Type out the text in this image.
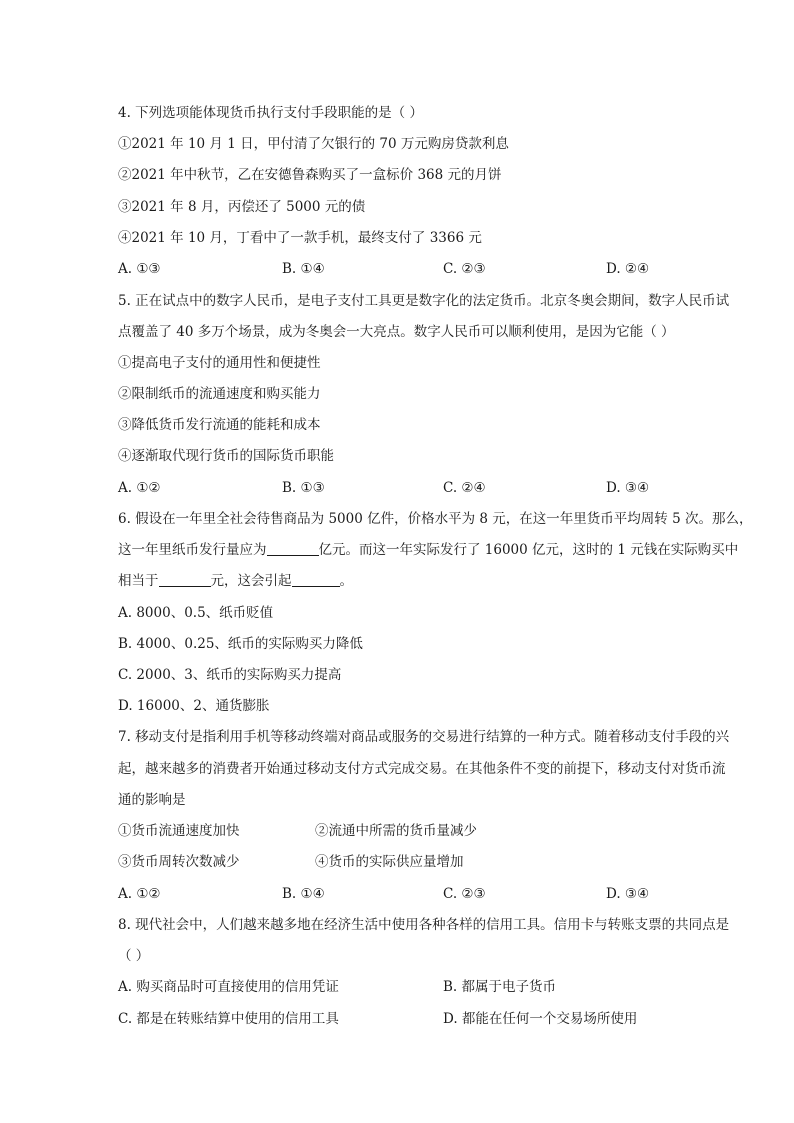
4. 下列选项能体现货币执行支付手段职能的是（ ）
①2021 年 10 月 1 日，甲付清了欠银行的 70 万元购房贷款利息
②2021 年中秋节，乙在安德鲁森购买了一盒标价 368 元的月饼
③2021 年 8 月，丙偿还了 5000 元的债
④2021 年 10 月，丁看中了一款手机，最终支付了 3366 元
A. ①③	B. ①④	C. ②③	D. ②④
5. 正在试点中的数字人民币，是电子支付工具更是数字化的法定货币。北京冬奥会期间，数字人民币试
点覆盖了 40 多万个场景，成为冬奥会一大亮点。数字人民币可以顺利使用，是因为它能（ ）
①提高电子支付的通用性和便捷性
②限制纸币的流通速度和购买能力
③降低货币发行流通的能耗和成本
④逐渐取代现行货币的国际货币职能
A. ①②	B. ①③	C. ②④	D. ③④
6. 假设在一年里全社会待售商品为 5000 亿件，价格水平为 8 元，在这一年里货币平均周转 5 次。那么，
这一年里纸币发行量应为	亿元。而这一年实际发行了 16000 亿元，这时的 1 元钱在实际购买中
相当于	元，这会引起	。
A. 8000、0.5、纸币贬值
B. 4000、0.25、纸币的实际购买力降低
C. 2000、3、纸币的实际购买力提高
D. 16000、2、通货膨胀
7. 移动支付是指利用手机等移动终端对商品或服务的交易进行结算的一种方式。随着移动支付手段的兴
起，越来越多的消费者开始通过移动支付方式完成交易。在其他条件不变的前提下，移动支付对货币流
通的影响是
①货币流通速度加快	②流通中所需的货币量减少
③货币周转次数减少	④货币的实际供应量增加
A. ①②	B. ①④	C. ②③	D. ③④
8. 现代社会中，人们越来越多地在经济生活中使用各种各样的信用工具。信用卡与转账支票的共同点是
（ ）
A. 购买商品时可直接使用的信用凭证	B. 都属于电子货币
C. 都是在转账结算中使用的信用工具	D. 都能在任何一个交易场所使用
